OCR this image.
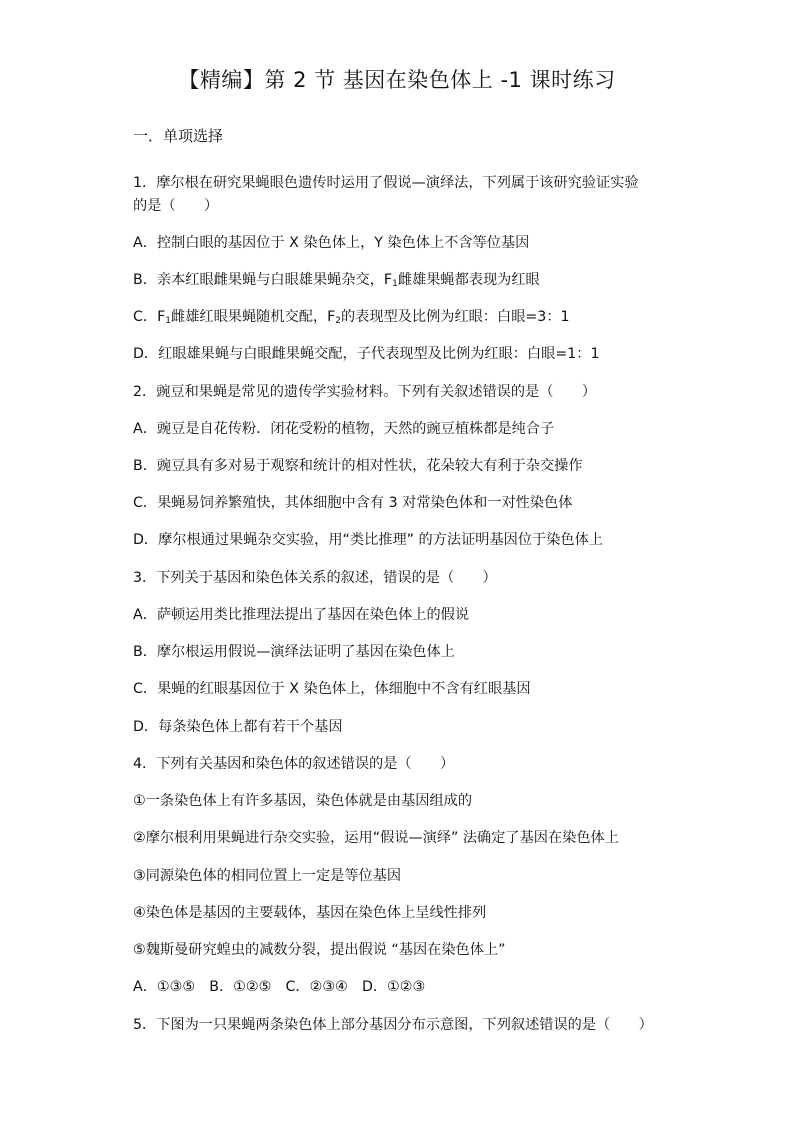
【精编】第 2 节 基因在染色体上 -1 课时练习
一．单项选择
1．摩尔根在研究果蝇眼色遗传时运用了假说—演绎法，下列属于该研究验证实验
的是（　　）
A．控制白眼的基因位于 X 染色体上，Y 染色体上不含等位基因
B．亲本红眼雌果蝇与白眼雄果蝇杂交，$F_1$雌雄果蝇都表现为红眼
C．$F_1$雌雄红眼果蝇随机交配，$F_2$的表现型及比例为红眼：白眼=3：1
D．红眼雄果蝇与白眼雌果蝇交配，子代表现型及比例为红眼：白眼=1：1
2．豌豆和果蝇是常见的遗传学实验材料。下列有关叙述错误的是（　　）
A．豌豆是自花传粉．闭花受粉的植物，天然的豌豆植株都是纯合子
B．豌豆具有多对易于观察和统计的相对性状，花朵较大有利于杂交操作
C．果蝇易饲养繁殖快，其体细胞中含有 3 对常染色体和一对性染色体
D．摩尔根通过果蝇杂交实验，用“类比推理” 的方法证明基因位于染色体上
3．下列关于基因和染色体关系的叙述，错误的是（　　）
A．萨顿运用类比推理法提出了基因在染色体上的假说
B．摩尔根运用假说—演绎法证明了基因在染色体上
C．果蝇的红眼基因位于 X 染色体上，体细胞中不含有红眼基因
D．每条染色体上都有若干个基因
4．下列有关基因和染色体的叙述错误的是（　　）
①一条染色体上有许多基因，染色体就是由基因组成的
②摩尔根利用果蝇进行杂交实验，运用“假说—演绎” 法确定了基因在染色体上
③同源染色体的相同位置上一定是等位基因
④染色体是基因的主要载体，基因在染色体上呈线性排列
⑤魏斯曼研究蝗虫的减数分裂，提出假说 “基因在染色体上”
A．①③⑤　B．①②⑤　C．②③④　D．①②③
5．下图为一只果蝇两条染色体上部分基因分布示意图，下列叙述错误的是（　　）
